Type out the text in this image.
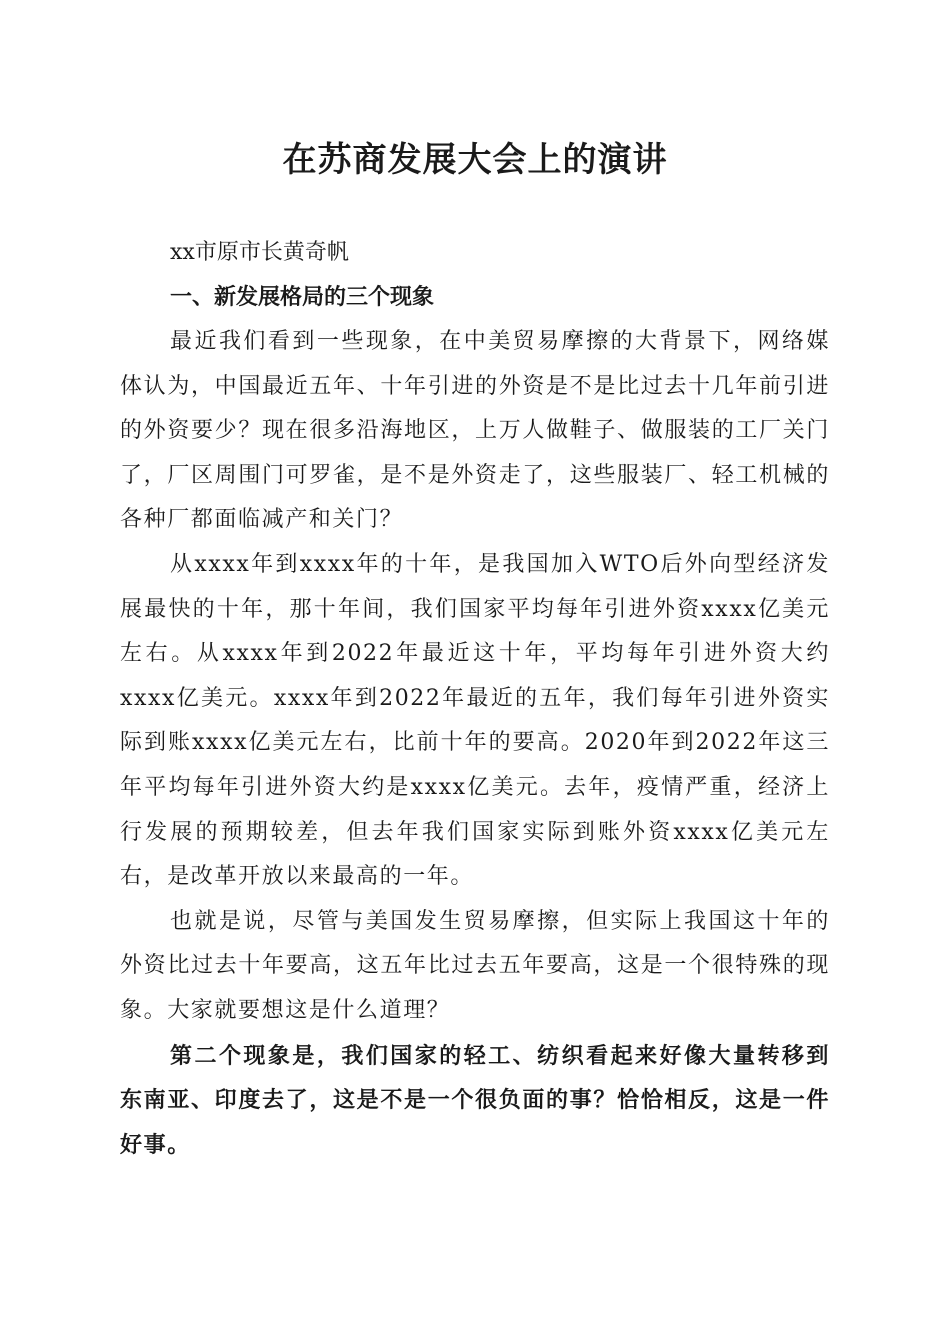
在苏商发展大会上的演讲

xx市原市长黄奇帆

一、新发展格局的三个现象

最近我们看到一些现象，在中美贸易摩擦的大背景下，网络媒体认为，中国最近五年、十年引进的外资是不是比过去十几年前引进的外资要少？现在很多沿海地区，上万人做鞋子、做服装的工厂关门了，厂区周围门可罗雀，是不是外资走了，这些服装厂、轻工机械的各种厂都面临减产和关门？

从xxxx年到xxxx年的十年，是我国加入WTO后外向型经济发展最快的十年，那十年间，我们国家平均每年引进外资xxxx亿美元左右。从xxxx年到2022年最近这十年，平均每年引进外资大约xxxx亿美元。xxxx年到2022年最近的五年，我们每年引进外资实际到账xxxx亿美元左右，比前十年的要高。2020年到2022年这三年平均每年引进外资大约是xxxx亿美元。去年，疫情严重，经济上行发展的预期较差，但去年我们国家实际到账外资xxxx亿美元左右，是改革开放以来最高的一年。

也就是说，尽管与美国发生贸易摩擦，但实际上我国这十年的外资比过去十年要高，这五年比过去五年要高，这是一个很特殊的现象。大家就要想这是什么道理？

第二个现象是，我们国家的轻工、纺织看起来好像大量转移到东南亚、印度去了，这是不是一个很负面的事？恰恰相反，这是一件好事。
